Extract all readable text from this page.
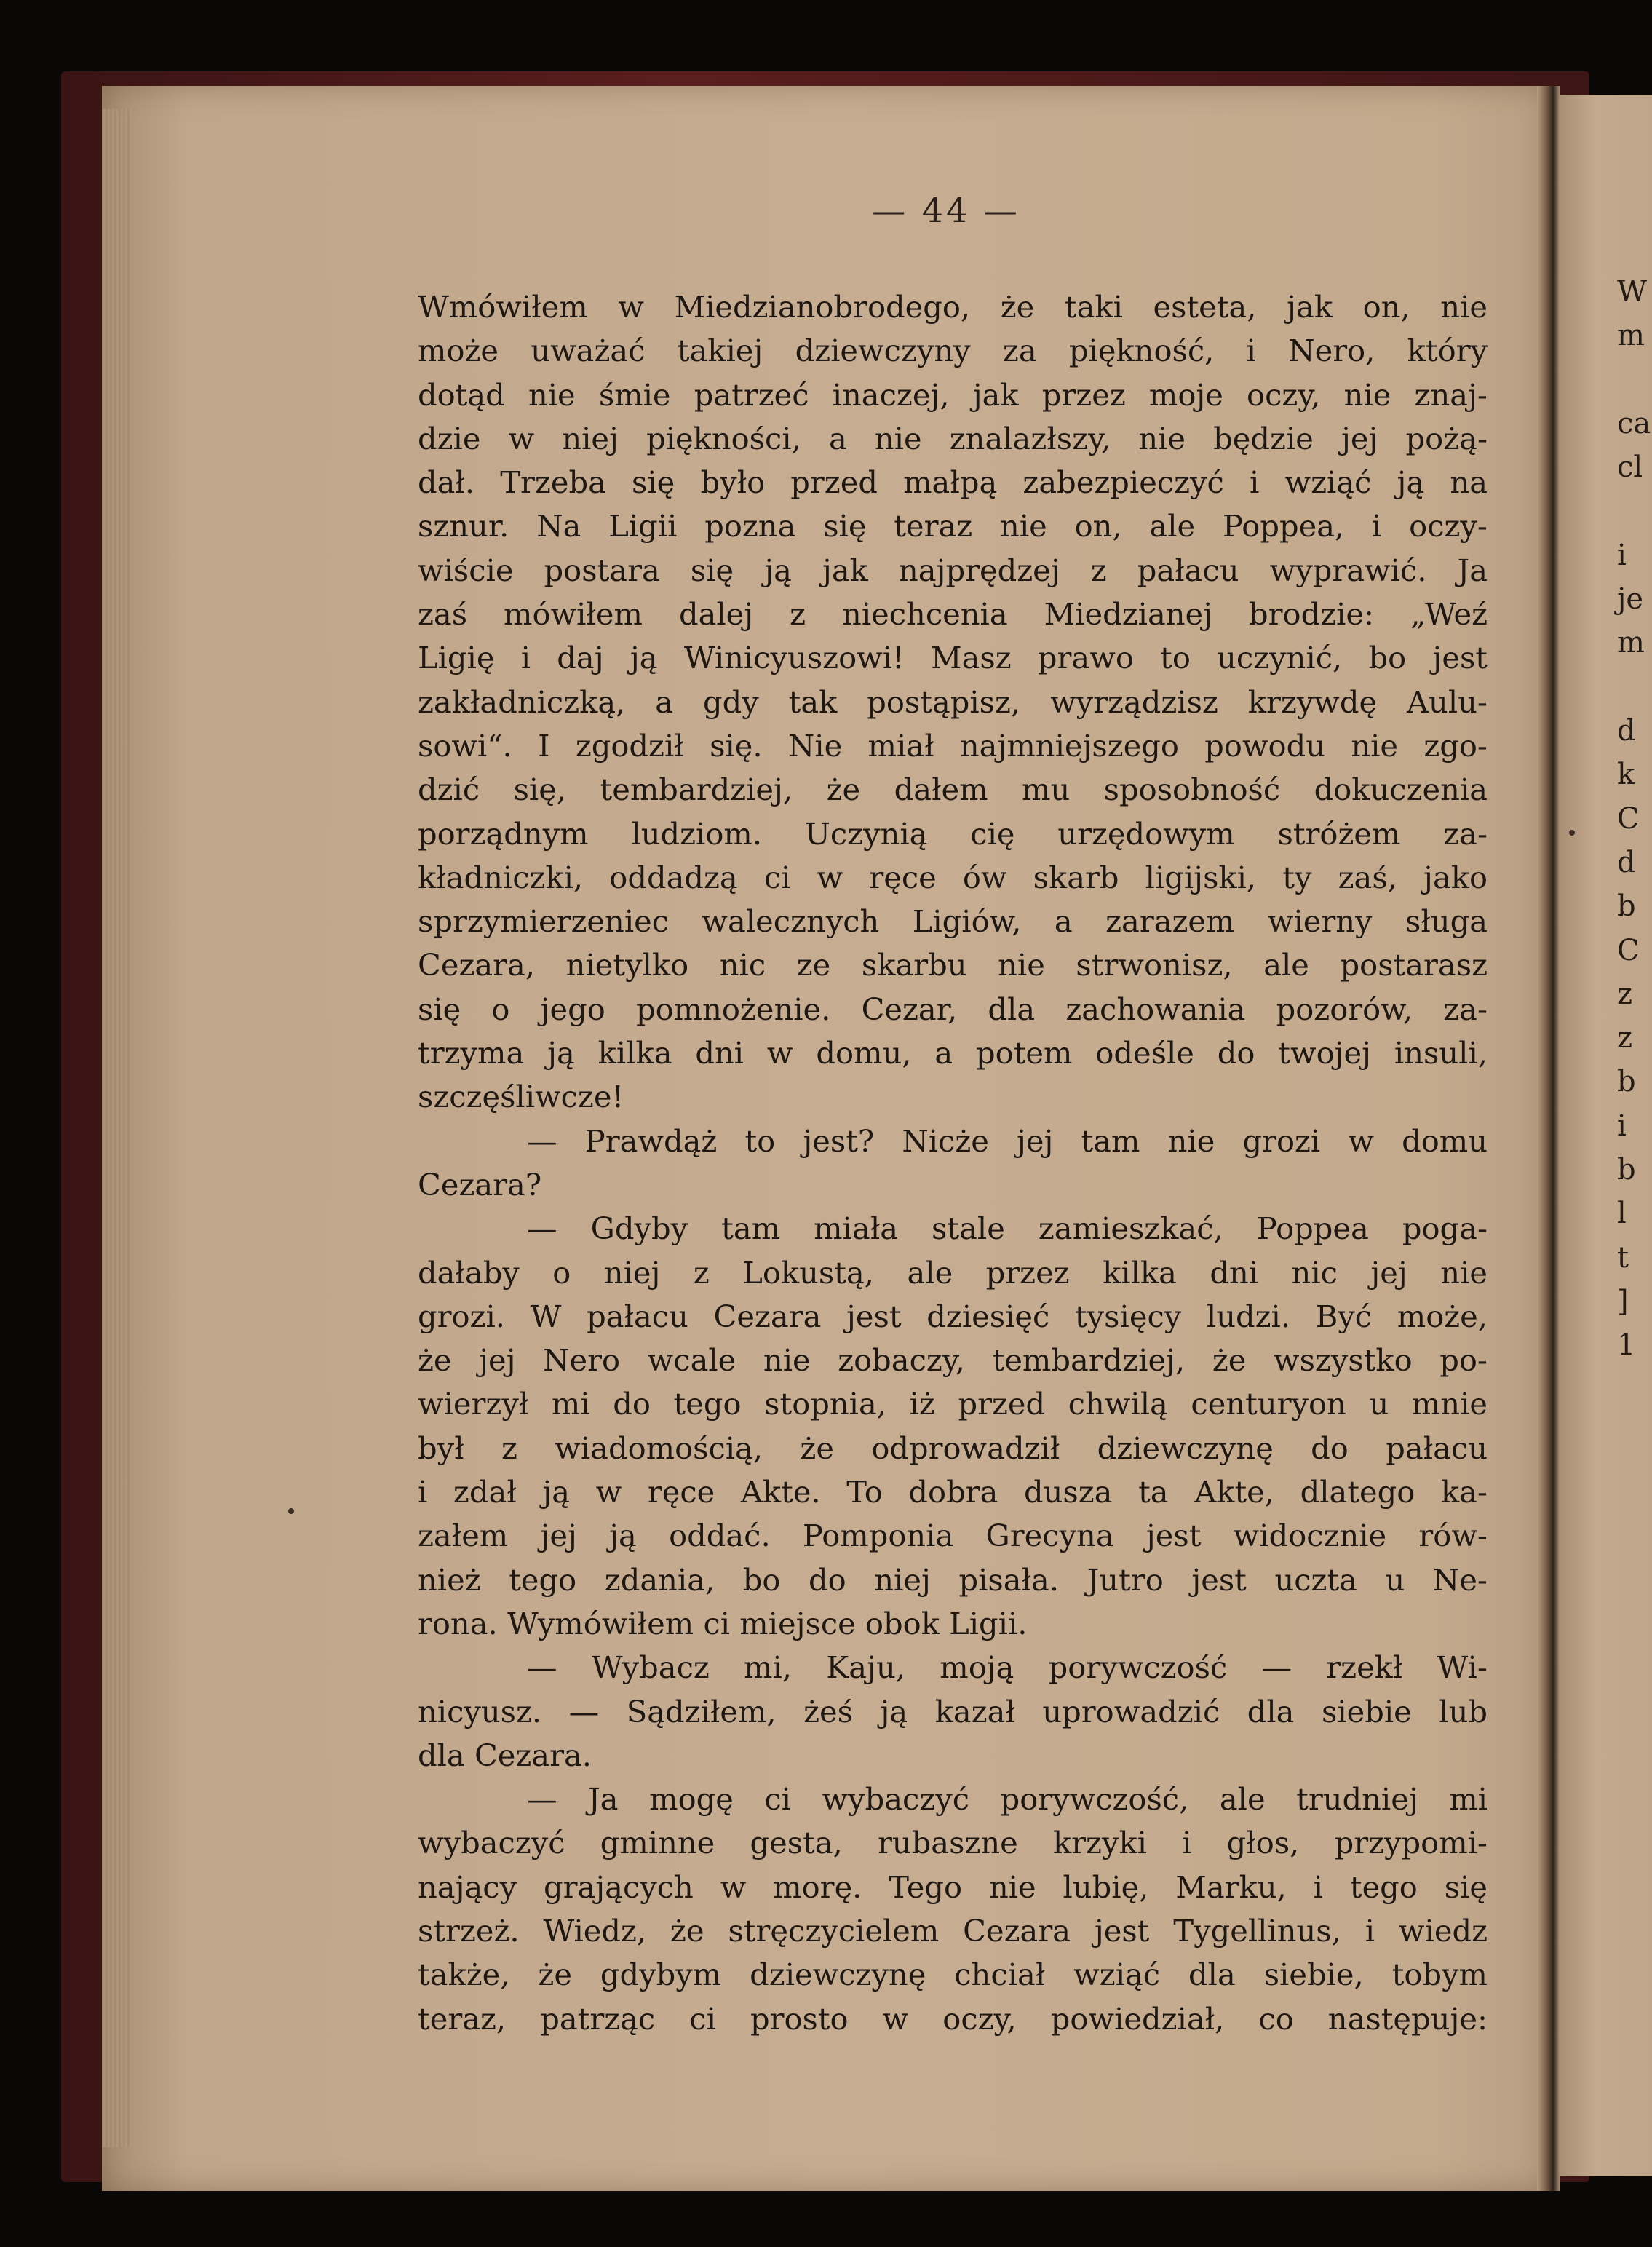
— 44 —
Wmówiłem w Miedzianobrodego, że taki esteta, jak on, nie
może uważać takiej dziewczyny za piękność, i Nero, który
dotąd nie śmie patrzeć inaczej, jak przez moje oczy, nie znaj-
dzie w niej piękności, a nie znalazłszy, nie będzie jej pożą-
dał. Trzeba się było przed małpą zabezpieczyć i wziąć ją na
sznur. Na Ligii pozna się teraz nie on, ale Poppea, i oczy-
wiście postara się ją jak najprędzej z pałacu wyprawić. Ja
zaś mówiłem dalej z niechcenia Miedzianej brodzie: „Weź
Ligię i daj ją Winicyuszowi! Masz prawo to uczynić, bo jest
zakładniczką, a gdy tak postąpisz, wyrządzisz krzywdę Aulu-
sowi“. I zgodził się. Nie miał najmniejszego powodu nie zgo-
dzić się, tembardziej, że dałem mu sposobność dokuczenia
porządnym ludziom. Uczynią cię urzędowym stróżem za-
kładniczki, oddadzą ci w ręce ów skarb ligijski, ty zaś, jako
sprzymierzeniec walecznych Ligiów, a zarazem wierny sługa
Cezara, nietylko nic ze skarbu nie strwonisz, ale postarasz
się o jego pomnożenie. Cezar, dla zachowania pozorów, za-
trzyma ją kilka dni w domu, a potem odeśle do twojej insuli,
szczęśliwcze!
— Prawdąż to jest? Nicże jej tam nie grozi w domu
Cezara?
— Gdyby tam miała stale zamieszkać, Poppea poga-
dałaby o niej z Lokustą, ale przez kilka dni nic jej nie
grozi. W pałacu Cezara jest dziesięć tysięcy ludzi. Być może,
że jej Nero wcale nie zobaczy, tembardziej, że wszystko po-
wierzył mi do tego stopnia, iż przed chwilą centuryon u mnie
był z wiadomością, że odprowadził dziewczynę do pałacu
i zdał ją w ręce Akte. To dobra dusza ta Akte, dlatego ka-
załem jej ją oddać. Pomponia Grecyna jest widocznie rów-
nież tego zdania, bo do niej pisała. Jutro jest uczta u Ne-
rona. Wymówiłem ci miejsce obok Ligii.
— Wybacz mi, Kaju, moją porywczość — rzekł Wi-
nicyusz. — Sądziłem, żeś ją kazał uprowadzić dla siebie lub
dla Cezara.
— Ja mogę ci wybaczyć porywczość, ale trudniej mi
wybaczyć gminne gesta, rubaszne krzyki i głos, przypomi-
nający grających w morę. Tego nie lubię, Marku, i tego się
strzeż. Wiedz, że stręczycielem Cezara jest Tygellinus, i wiedz
także, że gdybym dziewczynę chciał wziąć dla siebie, tobym
teraz, patrząc ci prosto w oczy, powiedział, co następuje:
W
m
ca
cl
i
je
m
d
k
C
d
b
C
z
z
b
i
b
l
t
]
1
